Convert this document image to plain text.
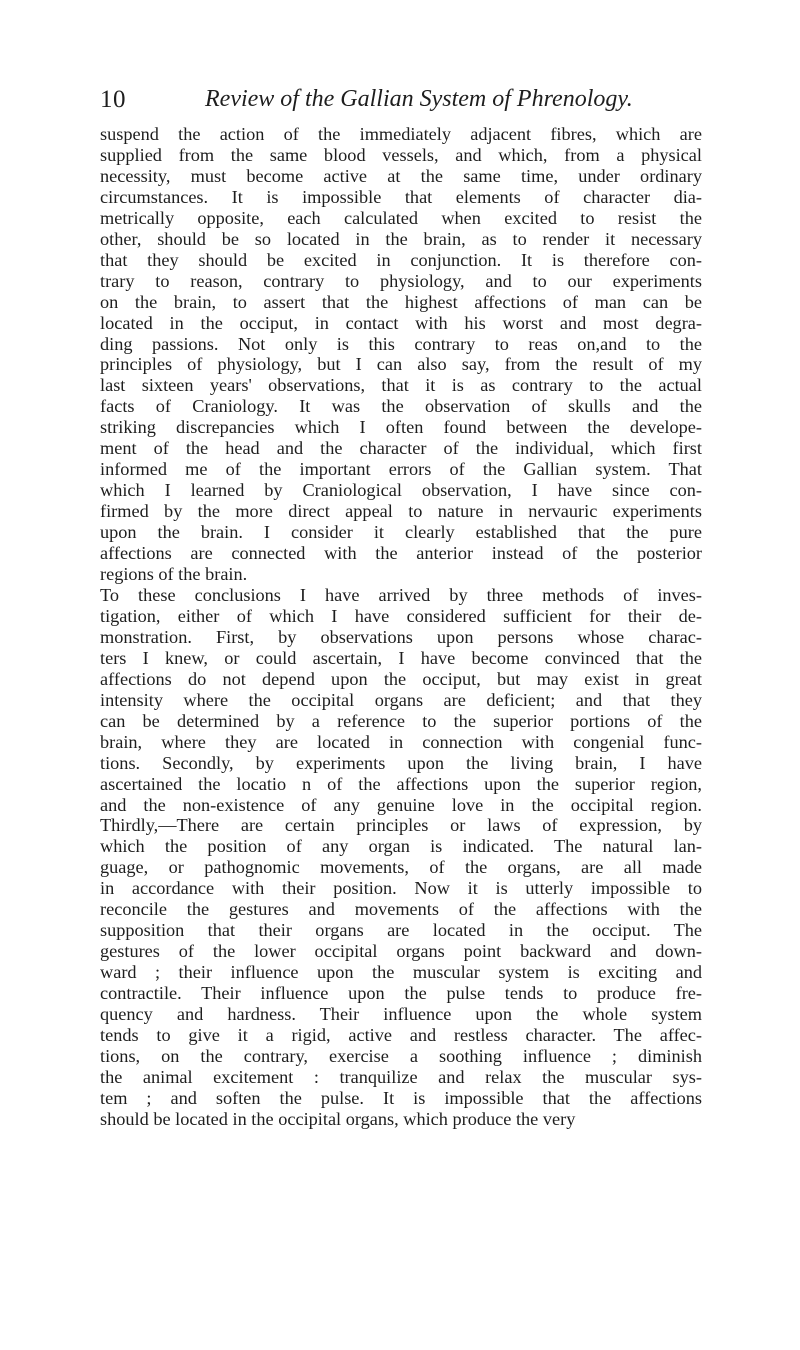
10	Review of the Gallian System of Phrenology.
suspend the action of the immediately adjacent fibres, which are
supplied from the same blood vessels, and which, from a physical
necessity, must become active at the same time, under ordinary
circumstances. It is impossible that elements of character dia-
metrically opposite, each calculated when excited to resist the
other, should be so located in the brain, as to render it necessary
that they should be excited in conjunction. It is therefore con-
trary to reason, contrary to physiology, and to our experiments
on the brain, to assert that the highest affections of man can be
located in the occiput, in contact with his worst and most degra-
ding passions. Not only is this contrary to reas on,and to the
principles of physiology, but I can also say, from the result of my
last sixteen years' observations, that it is as contrary to the actual
facts of Craniology. It was the observation of skulls and the
striking discrepancies which I often found between the develope-
ment of the head and the character of the individual, which first
informed me of the important errors of the Gallian system. That
which I learned by Craniological observation, I have since con-
firmed by the more direct appeal to nature in nervauric experiments
upon the brain. I consider it clearly established that the pure
affections are connected with the anterior instead of the posterior
regions of the brain.
To these conclusions I have arrived by three methods of inves-
tigation, either of which I have considered sufficient for their de-
monstration. First, by observations upon persons whose charac-
ters I knew, or could ascertain, I have become convinced that the
affections do not depend upon the occiput, but may exist in great
intensity where the occipital organs are deficient; and that they
can be determined by a reference to the superior portions of the
brain, where they are located in connection with congenial func-
tions. Secondly, by experiments upon the living brain, I have
ascertained the locatio n of the affections upon the superior region,
and the non-existence of any genuine love in the occipital region.
Thirdly,—There are certain principles or laws of expression, by
which the position of any organ is indicated. The natural lan-
guage, or pathognomic movements, of the organs, are all made
in accordance with their position. Now it is utterly impossible to
reconcile the gestures and movements of the affections with the
supposition that their organs are located in the occiput. The
gestures of the lower occipital organs point backward and down-
ward ; their influence upon the muscular system is exciting and
contractile. Their influence upon the pulse tends to produce fre-
quency and hardness. Their influence upon the whole system
tends to give it a rigid, active and restless character. The affec-
tions, on the contrary, exercise a soothing influence ; diminish
the animal excitement : tranquilize and relax the muscular sys-
tem ; and soften the pulse. It is impossible that the affections
should be located in the occipital organs, which produce the very
